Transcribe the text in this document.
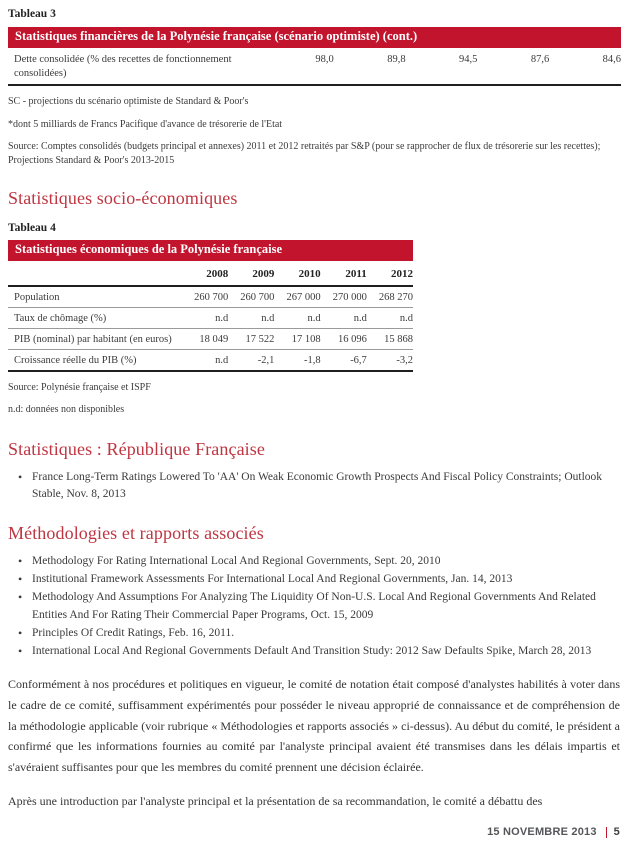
Tableau 3
Statistiques financières de la Polynésie française (scénario optimiste) (cont.)
Dette consolidée (% des recettes de fonctionnement consolidées)
98,0	89,8	94,5	87,6	84,6
SC - projections du scénario optimiste de Standard & Poor's
*dont 5 milliards de Francs Pacifique d'avance de trésorerie de l'Etat
Source: Comptes consolidés (budgets principal et annexes) 2011 et 2012 retraités par S&P (pour se rapprocher de flux de trésorerie sur les recettes); Projections Standard & Poor's 2013-2015
Statistiques socio-économiques
Tableau 4
Statistiques économiques de la Polynésie française
2008	2009	2010	2011	2012
Population	260 700	260 700	267 000	270 000	268 270
Taux de chômage (%)	n.d	n.d	n.d	n.d	n.d
PIB (nominal) par habitant (en euros)	18 049	17 522	17 108	16 096	15 868
Croissance réelle du PIB (%)	n.d	-2,1	-1,8	-6,7	-3,2
Source: Polynésie française et ISPF
n.d: données non disponibles
Statistiques : République Française
• France Long-Term Ratings Lowered To 'AA' On Weak Economic Growth Prospects And Fiscal Policy Constraints; Outlook Stable, Nov. 8, 2013
Méthodologies et rapports associés
• Methodology For Rating International Local And Regional Governments, Sept. 20, 2010
• Institutional Framework Assessments For International Local And Regional Governments, Jan. 14, 2013
• Methodology And Assumptions For Analyzing The Liquidity Of Non-U.S. Local And Regional Governments And Related Entities And For Rating Their Commercial Paper Programs, Oct. 15, 2009
• Principles Of Credit Ratings, Feb. 16, 2011.
• International Local And Regional Governments Default And Transition Study: 2012 Saw Defaults Spike, March 28, 2013

Conformément à nos procédures et politiques en vigueur, le comité de notation était composé d'analystes habilités à voter dans le cadre de ce comité, suffisamment expérimentés pour posséder le niveau approprié de connaissance et de compréhension de la méthodologie applicable (voir rubrique « Méthodologies et rapports associés » ci-dessus). Au début du comité, le président a confirmé que les informations fournies au comité par l'analyste principal avaient été transmises dans les délais impartis et s'avéraient suffisantes pour que les membres du comité prennent une décision éclairée.

Après une introduction par l'analyste principal et la présentation de sa recommandation, le comité a débattu des

15 NOVEMBRE 2013 5
